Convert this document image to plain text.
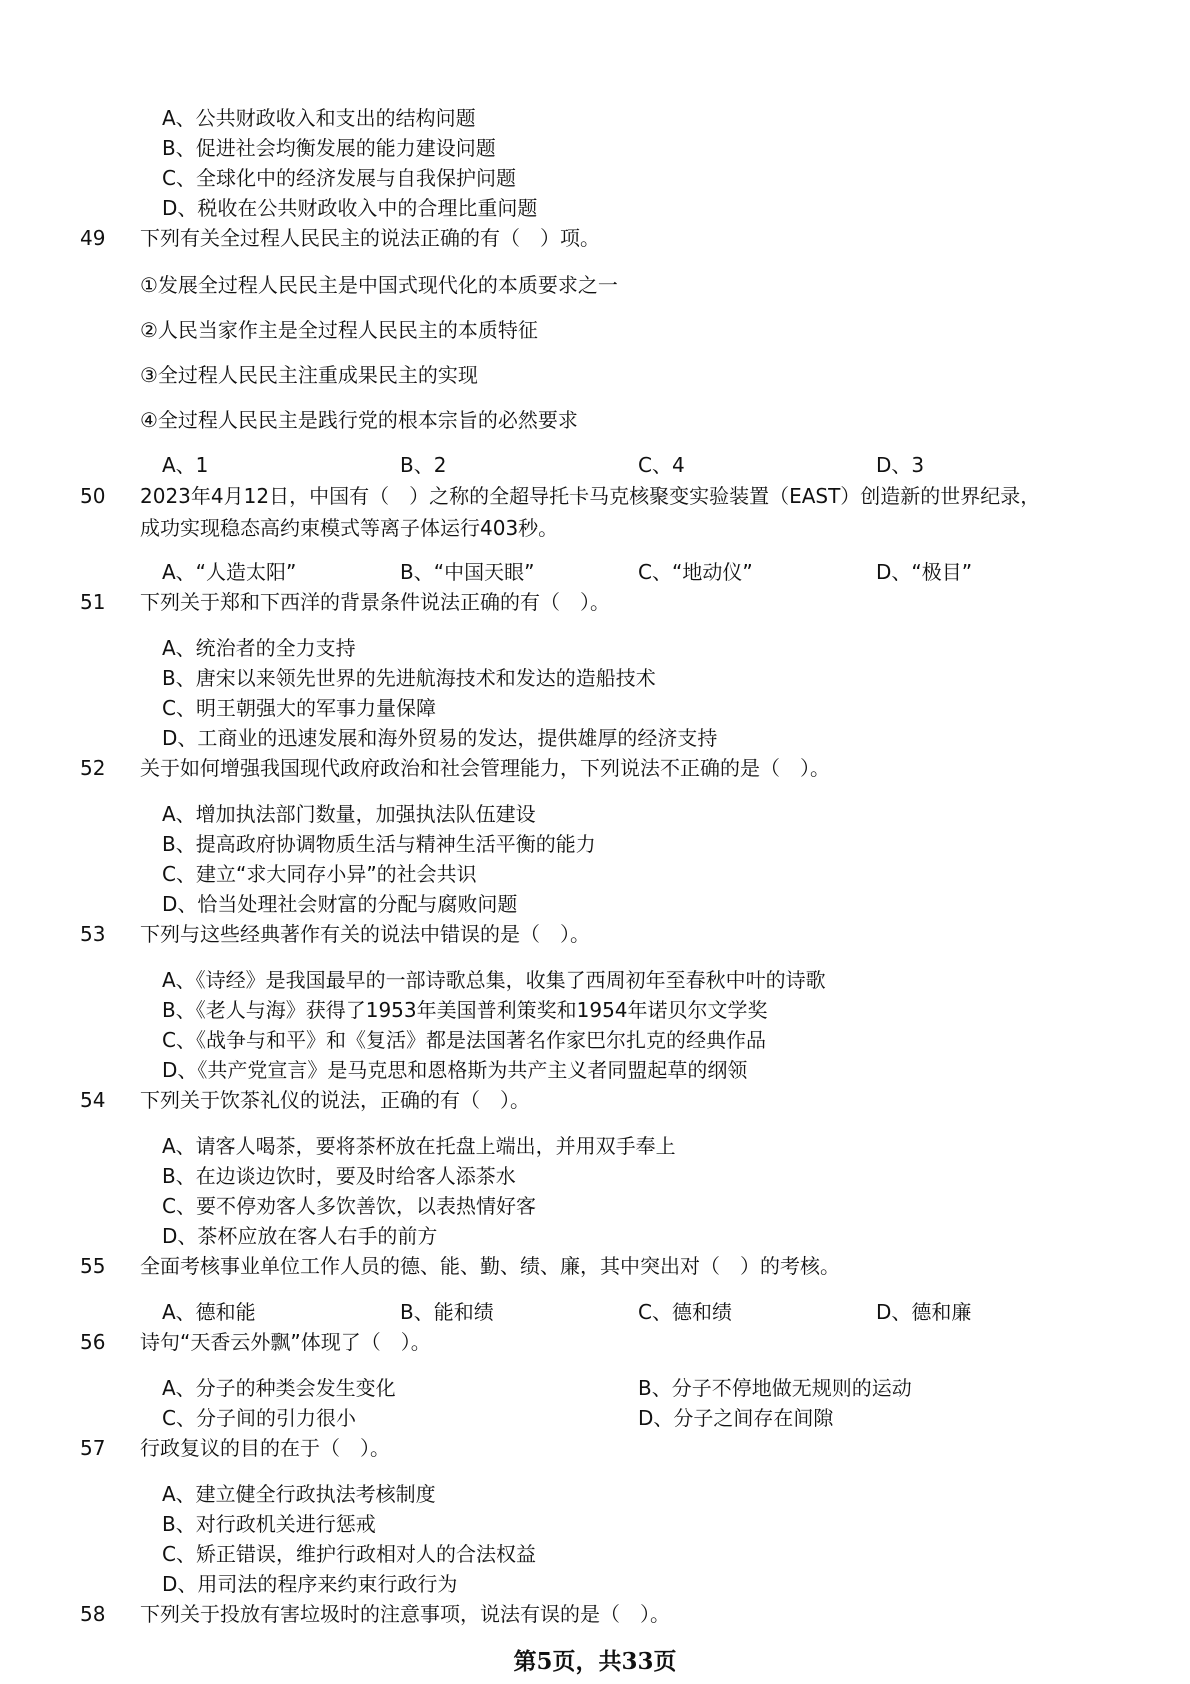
A、公共财政收入和支出的结构问题
B、促进社会均衡发展的能力建设问题
C、全球化中的经济发展与自我保护问题
D、税收在公共财政收入中的合理比重问题
49 下列有关全过程人民民主的说法正确的有（　）项。
①发展全过程人民民主是中国式现代化的本质要求之一
②人民当家作主是全过程人民民主的本质特征
③全过程人民民主注重成果民主的实现
④全过程人民民主是践行党的根本宗旨的必然要求
A、1	B、2	C、4	D、3
50 2023年4月12日，中国有（　）之称的全超导托卡马克核聚变实验装置（EAST）创造新的世界纪录，
成功实现稳态高约束模式等离子体运行403秒。
A、“人造太阳”	B、“中国天眼”	C、“地动仪”	D、“极目”
51 下列关于郑和下西洋的背景条件说法正确的有（　）。
A、统治者的全力支持
B、唐宋以来领先世界的先进航海技术和发达的造船技术
C、明王朝强大的军事力量保障
D、工商业的迅速发展和海外贸易的发达，提供雄厚的经济支持
52 关于如何增强我国现代政府政治和社会管理能力，下列说法不正确的是（　）。
A、增加执法部门数量，加强执法队伍建设
B、提高政府协调物质生活与精神生活平衡的能力
C、建立“求大同存小异”的社会共识
D、恰当处理社会财富的分配与腐败问题
53 下列与这些经典著作有关的说法中错误的是（　）。
A、《诗经》是我国最早的一部诗歌总集，收集了西周初年至春秋中叶的诗歌
B、《老人与海》获得了1953年美国普利策奖和1954年诺贝尔文学奖
C、《战争与和平》和《复活》都是法国著名作家巴尔扎克的经典作品
D、《共产党宣言》是马克思和恩格斯为共产主义者同盟起草的纲领
54 下列关于饮茶礼仪的说法，正确的有（　）。
A、请客人喝茶，要将茶杯放在托盘上端出，并用双手奉上
B、在边谈边饮时，要及时给客人添茶水
C、要不停劝客人多饮善饮，以表热情好客
D、茶杯应放在客人右手的前方
55 全面考核事业单位工作人员的德、能、勤、绩、廉，其中突出对（　）的考核。
A、德和能	B、能和绩	C、德和绩	D、德和廉
56 诗句“天香云外飘”体现了（　）。
A、分子的种类会发生变化	B、分子不停地做无规则的运动
C、分子间的引力很小	D、分子之间存在间隙
57 行政复议的目的在于（　）。
A、建立健全行政执法考核制度
B、对行政机关进行惩戒
C、矫正错误，维护行政相对人的合法权益
D、用司法的程序来约束行政行为
58 下列关于投放有害垃圾时的注意事项，说法有误的是（　）。
第5页，共33页
